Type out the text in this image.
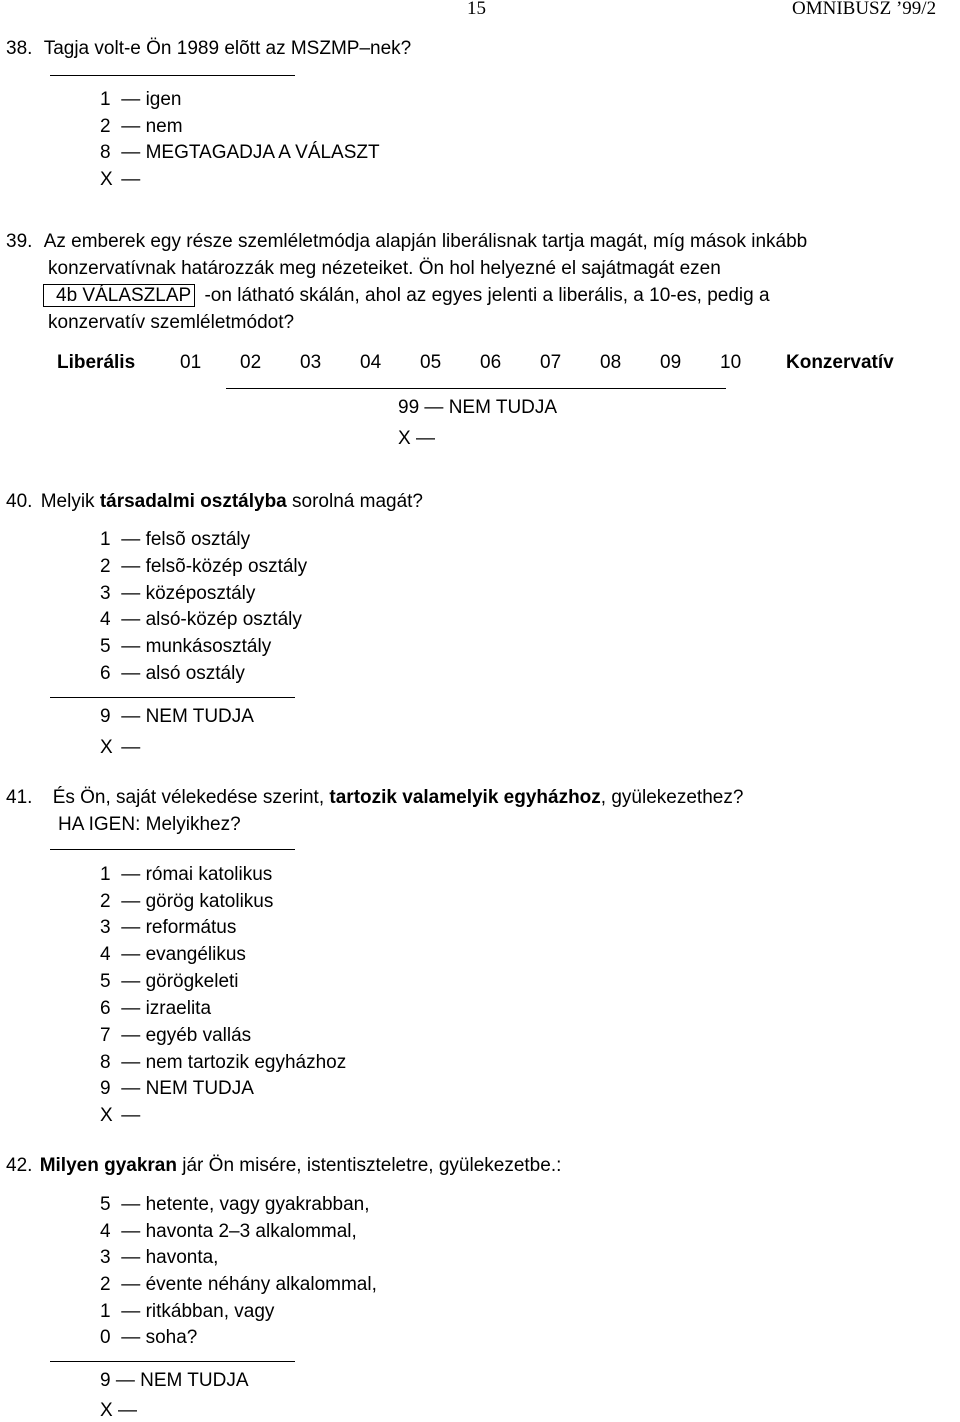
15	OMNIBUSZ ’99/2
38. Tagja volt-e Ön 1989 elõtt az MSZMP–nek?
1 — igen
2 — nem
8 — MEGTAGADJA A VÁLASZT
X —
39. Az emberek egy része szemléletmódja alapján liberálisnak tartja magát, míg mások inkább
konzervatívnak határozzák meg nézeteiket. Ön hol helyezné el sajátmagát ezen
4b VÁLASZLAP -on látható skálán, ahol az egyes jelenti a liberális, a 10-es, pedig a
konzervatív szemléletmódot?
Liberális 01 02 03 04 05 06 07 08 09 10 Konzervatív
99 — NEM TUDJA
X —
40. Melyik társadalmi osztályba sorolná magát?
1 — felsõ osztály
2 — felsõ-közép osztály
3 — középosztály
4 — alsó-közép osztály
5 — munkásosztály
6 — alsó osztály
9 — NEM TUDJA
X —
41. És Ön, saját vélekedése szerint, tartozik valamelyik egyházhoz, gyülekezethez?
HA IGEN: Melyikhez?
1 — római katolikus
2 — görög katolikus
3 — református
4 — evangélikus
5 — görögkeleti
6 — izraelita
7 — egyéb vallás
8 — nem tartozik egyházhoz
9 — NEM TUDJA
X —
42. Milyen gyakran jár Ön misére, istentiszteletre, gyülekezetbe.:
5 — hetente, vagy gyakrabban,
4 — havonta 2–3 alkalommal,
3 — havonta,
2 — évente néhány alkalommal,
1 — ritkábban, vagy
0 — soha?
9 — NEM TUDJA
X —
